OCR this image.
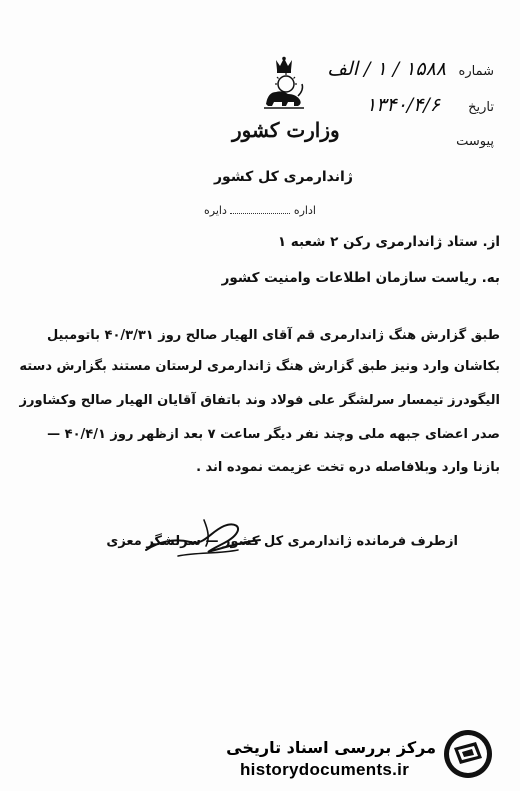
شماره
۱۵۸۸ / ۱ / الف
تاریخ
۱۳۴۰/۴/۶
پیوست
وزارت کشور
ژاندارمری کل کشور
اداره  دایره
از. ستاد ژاندارمری رکن ۲ شعبه ۱
به. ریاست سازمان اطلاعات وامنیت کشور
طبق گزارش هنگ ژاندارمری قم آقای الهیار صالح روز ۴۰/۳/۳۱ باتومبیل
بکاشان وارد ونیز طبق گزارش هنگ ژاندارمری لرستان مستند بگزارش دسته
الیگودرز تیمسار سرلشگر علی فولاد وند باتفاق آقایان الهیار صالح وکشاورز
صدر اعضای جبهه ملی وچند نفر دیگر ساعت ۷ بعد ازظهر روز ۴۰/۴/۱ —
بازنا وارد وبلافاصله دره تخت عزیمت نموده اند .
ازطرف فرمانده ژاندارمری کل کشور — سرلشگر معزی
مرکز بررسی اسناد تاریخی
historydocuments.ir
